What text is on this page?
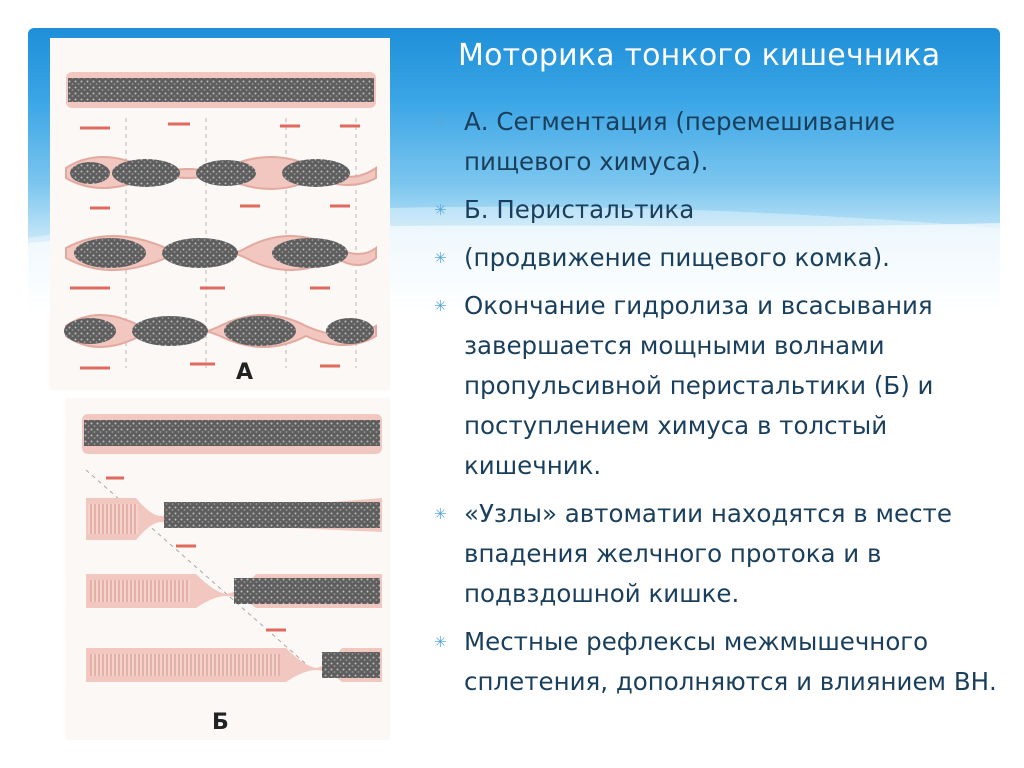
Моторика тонкого кишечника
✳ А. Сегментация (перемешивание пищевого химуса).
✳ Б. Перистальтика
✳ (продвижение пищевого комка).
✳ Окончание гидролиза и всасывания завершается мощными волнами пропульсивной перистальтики (Б) и поступлением химуса в толстый кишечник.
✳ «Узлы» автоматии находятся в месте впадения желчного протока и в подвздошной кишке.
✳ Местные рефлексы межмышечного сплетения, дополняются и влиянием ВН.
А
Б
